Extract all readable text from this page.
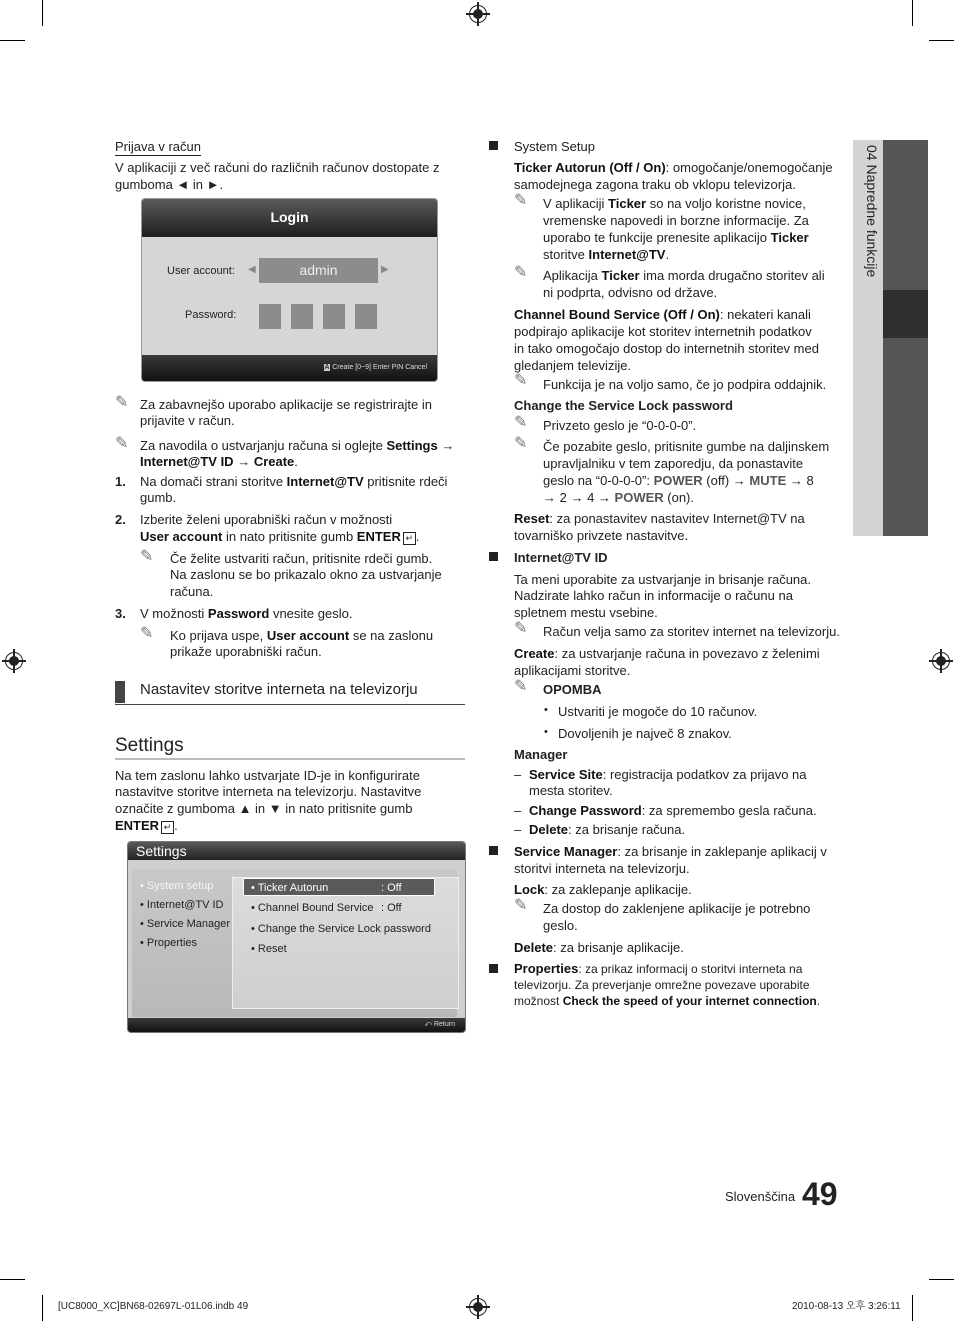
04 Napredne funkcije
Prijava v račun
V aplikaciji z več računi do različnih računov dostopate z
gumboma ◄ in ►.
Login
User account: ◀	admin	▶
Password:
A Create [0~9] Enter PIN Cancel
✎ Za zabavnejšo uporabo aplikacije se registrirajte in
prijavite v račun.
✎ Za navodila o ustvarjanju računa si oglejte Settings →
Internet@TV ID → Create.
1. Na domači strani storitve Internet@TV pritisnite rdeči
gumb.
2. Izberite želeni uporabniški račun v možnosti
User account in nato pritisnite gumb ENTER ↵ .
✎ Če želite ustvariti račun, pritisnite rdeči gumb.
Na zaslonu se bo prikazalo okno za ustvarjanje
računa.
3. V možnosti Password vnesite geslo.
✎ Ko prijava uspe, User account se na zaslonu
prikaže uporabniški račun.
Nastavitev storitve interneta na televizorju
Settings
Na tem zaslonu lahko ustvarjate ID-je in konfigurirate
nastavitve storitve interneta na televizorju. Nastavitve
označite z gumboma ▲ in ▼ in nato pritisnite gumb
ENTER ↵ .
Settings
• System setup
• Internet@TV ID
• Service Manager
• Properties
• Ticker Autorun	: Off
• Channel Bound Service : Off
• Change the Service Lock password
• Reset
⤺ Return
System Setup
Ticker Autorun (Off / On): omogočanje/onemogočanje
samodejnega zagona traku ob vklopu televizorja.
✎ V aplikaciji Ticker so na voljo koristne novice,
vremenske napovedi in borzne informacije. Za
uporabo te funkcije prenesite aplikacijo Ticker
storitve Internet@TV.
✎ Aplikacija Ticker ima morda drugačno storitev ali
ni podprta, odvisno od države.
Channel Bound Service (Off / On): nekateri kanali
podpirajo aplikacije kot storitev internetnih podatkov
in tako omogočajo dostop do internetnih storitev med
gledanjem televizije.
✎ Funkcija je na voljo samo, če jo podpira oddajnik.
Change the Service Lock password
✎ Privzeto geslo je “0-0-0-0”.
✎ Če pozabite geslo, pritisnite gumbe na daljinskem
upravljalniku v tem zaporedju, da ponastavite
geslo na “0-0-0-0”: POWER (off) → MUTE → 8
→ 2 → 4 → POWER (on).
Reset: za ponastavitev nastavitev Internet@TV na
tovarniško privzete nastavitve.
Internet@TV ID
Ta meni uporabite za ustvarjanje in brisanje računa.
Nadzirate lahko račun in informacije o računu na
spletnem mestu vsebine.
✎ Račun velja samo za storitev internet na televizorju.
Create: za ustvarjanje računa in povezavo z želenimi
aplikacijami storitve.
✎ OPOMBA
• Ustvariti je mogoče do 10 računov.
• Dovoljenih je največ 8 znakov.
Manager
– Service Site: registracija podatkov za prijavo na
mesta storitev.
– Change Password: za spremembo gesla računa.
– Delete: za brisanje računa.
Service Manager: za brisanje in zaklepanje aplikacij v
storitvi interneta na televizorju.
Lock: za zaklepanje aplikacije.
✎ Za dostop do zaklenjene aplikacije je potrebno
geslo.
Delete: za brisanje aplikacije.
Properties: za prikaz informacij o storitvi interneta na
televizorju. Za preverjanje omrežne povezave uporabite
možnost Check the speed of your internet connection.
Slovenščina 49
[UC8000_XC]BN68-02697L-01L06.indb 49	2010-08-13 오후 3:26:11
